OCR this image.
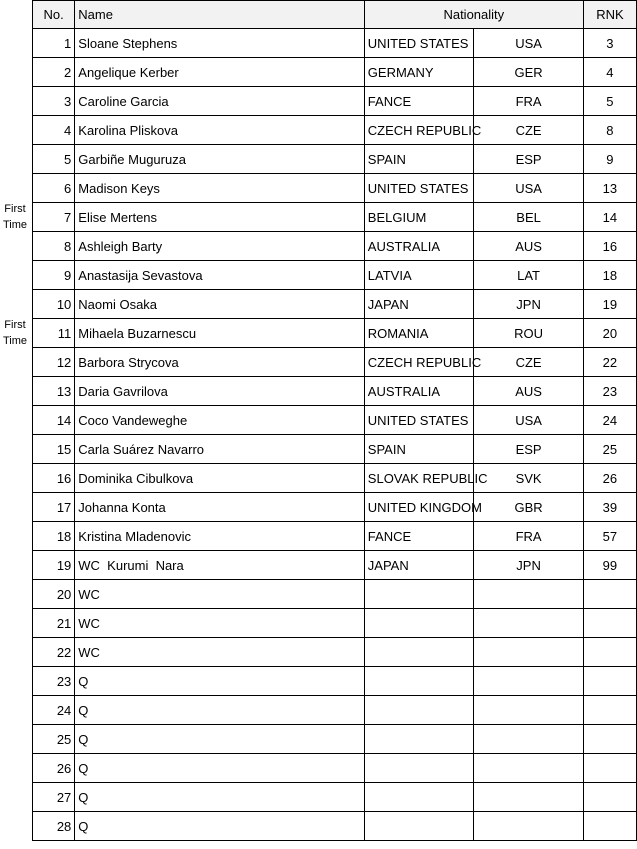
First
Time
First
Time
No.	Name	Nationality		RNK
1	Sloane Stephens	UNITED STATES	USA	3
2	Angelique Kerber	GERMANY	GER	4
3	Caroline Garcia	FANCE	FRA	5
4	Karolina Pliskova	CZECH REPUBLIC	CZE	8
5	Garbiñe Muguruza	SPAIN	ESP	9
6	Madison Keys	UNITED STATES	USA	13
7	Elise Mertens	BELGIUM	BEL	14
8	Ashleigh Barty	AUSTRALIA	AUS	16
9	Anastasija Sevastova	LATVIA	LAT	18
10	Naomi Osaka	JAPAN	JPN	19
11	Mihaela Buzarnescu	ROMANIA	ROU	20
12	Barbora Strycova	CZECH REPUBLIC	CZE	22
13	Daria Gavrilova	AUSTRALIA	AUS	23
14	Coco Vandeweghe	UNITED STATES	USA	24
15	Carla Suárez Navarro	SPAIN	ESP	25
16	Dominika Cibulkova	SLOVAK REPUBLIC	SVK	26
17	Johanna Konta	UNITED KINGDOM	GBR	39
18	Kristina Mladenovic	FANCE	FRA	57
19	WC  Kurumi  Nara	JAPAN	JPN	99
20	WC			
21	WC			
22	WC			
23	Q			
24	Q			
25	Q			
26	Q			
27	Q			
28	Q			
